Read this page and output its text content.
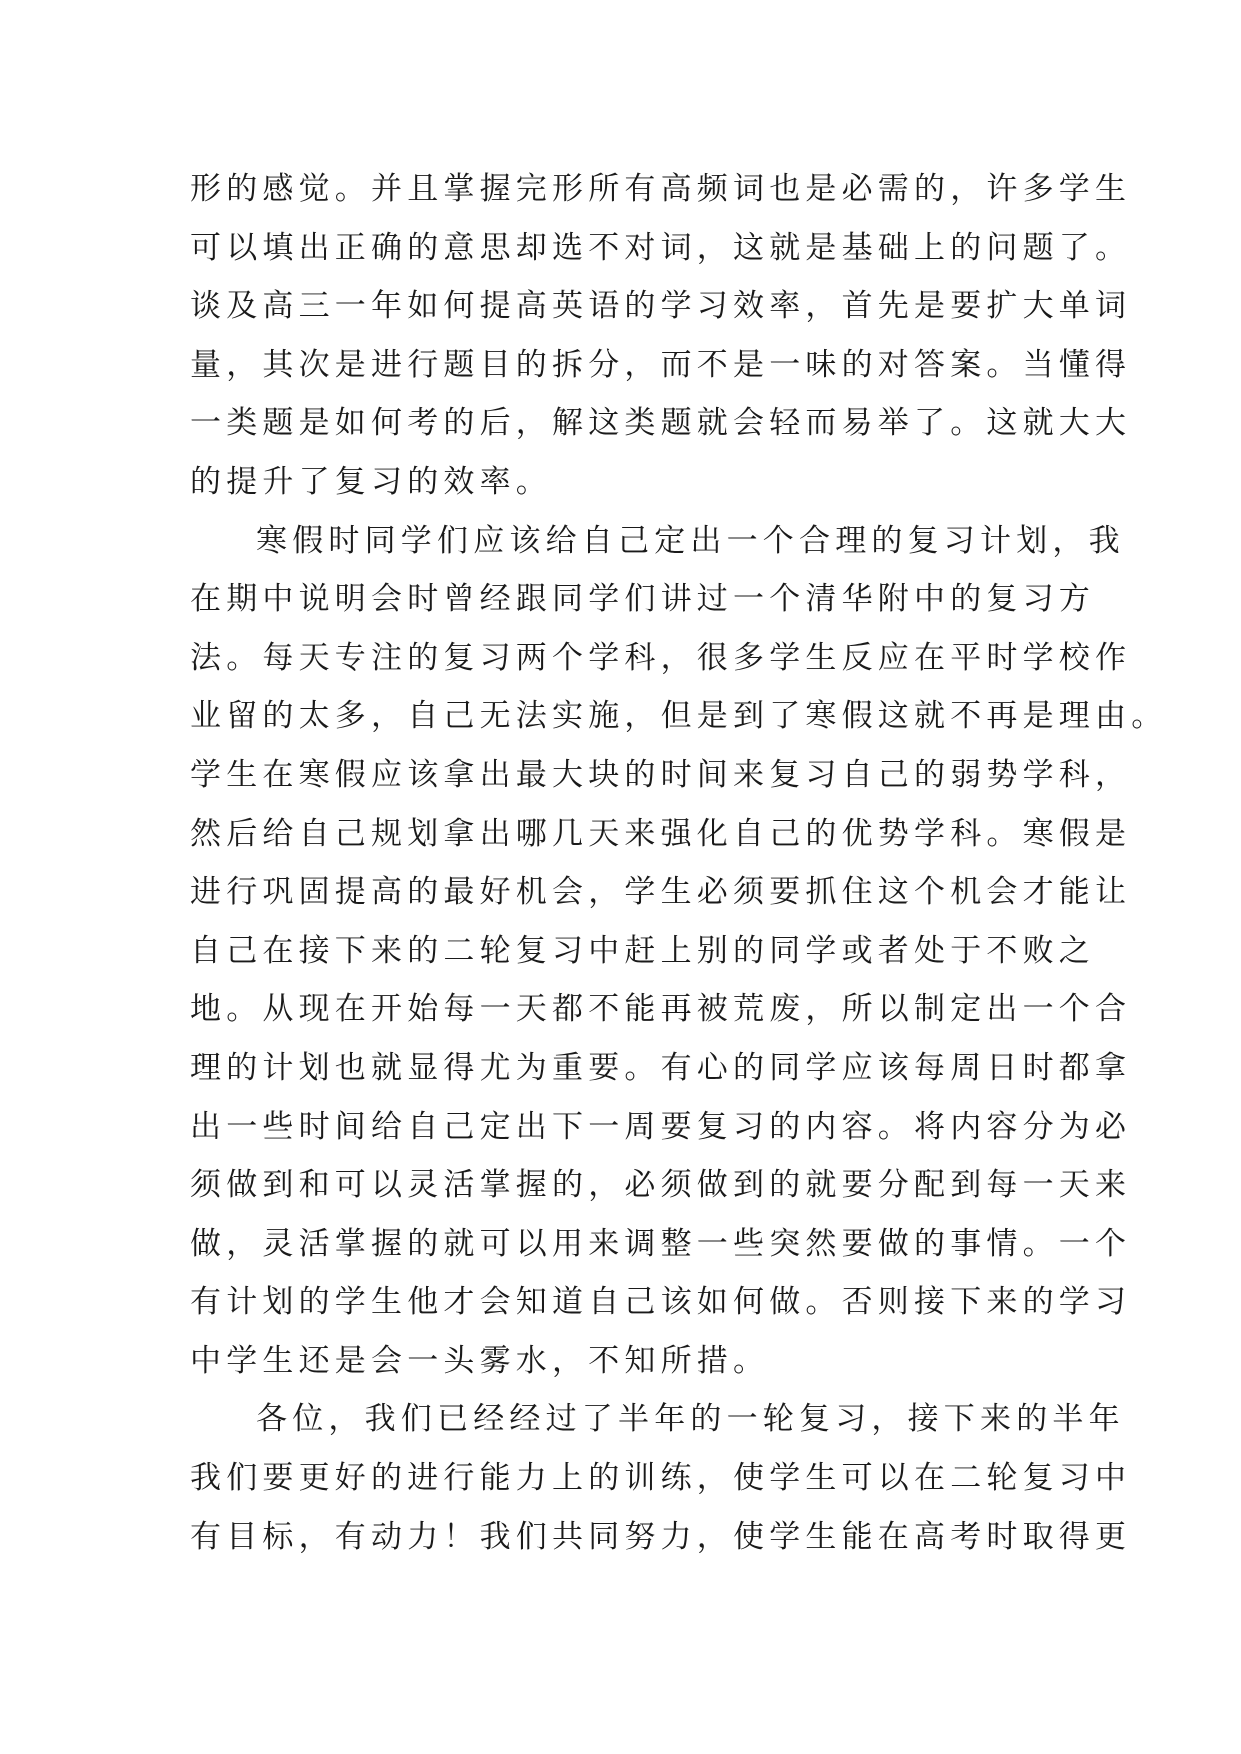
形的感觉。并且掌握完形所有高频词也是必需的，许多学生
可以填出正确的意思却选不对词，这就是基础上的问题了。
谈及高三一年如何提高英语的学习效率，首先是要扩大单词
量，其次是进行题目的拆分，而不是一味的对答案。当懂得
一类题是如何考的后，解这类题就会轻而易举了。这就大大
的提升了复习的效率。
寒假时同学们应该给自己定出一个合理的复习计划，我
在期中说明会时曾经跟同学们讲过一个清华附中的复习方
法。每天专注的复习两个学科，很多学生反应在平时学校作
业留的太多，自己无法实施，但是到了寒假这就不再是理由。
学生在寒假应该拿出最大块的时间来复习自己的弱势学科，
然后给自己规划拿出哪几天来强化自己的优势学科。寒假是
进行巩固提高的最好机会，学生必须要抓住这个机会才能让
自己在接下来的二轮复习中赶上别的同学或者处于不败之
地。从现在开始每一天都不能再被荒废，所以制定出一个合
理的计划也就显得尤为重要。有心的同学应该每周日时都拿
出一些时间给自己定出下一周要复习的内容。将内容分为必
须做到和可以灵活掌握的，必须做到的就要分配到每一天来
做，灵活掌握的就可以用来调整一些突然要做的事情。一个
有计划的学生他才会知道自己该如何做。否则接下来的学习
中学生还是会一头雾水，不知所措。
各位，我们已经经过了半年的一轮复习，接下来的半年
我们要更好的进行能力上的训练，使学生可以在二轮复习中
有目标，有动力！我们共同努力，使学生能在高考时取得更
